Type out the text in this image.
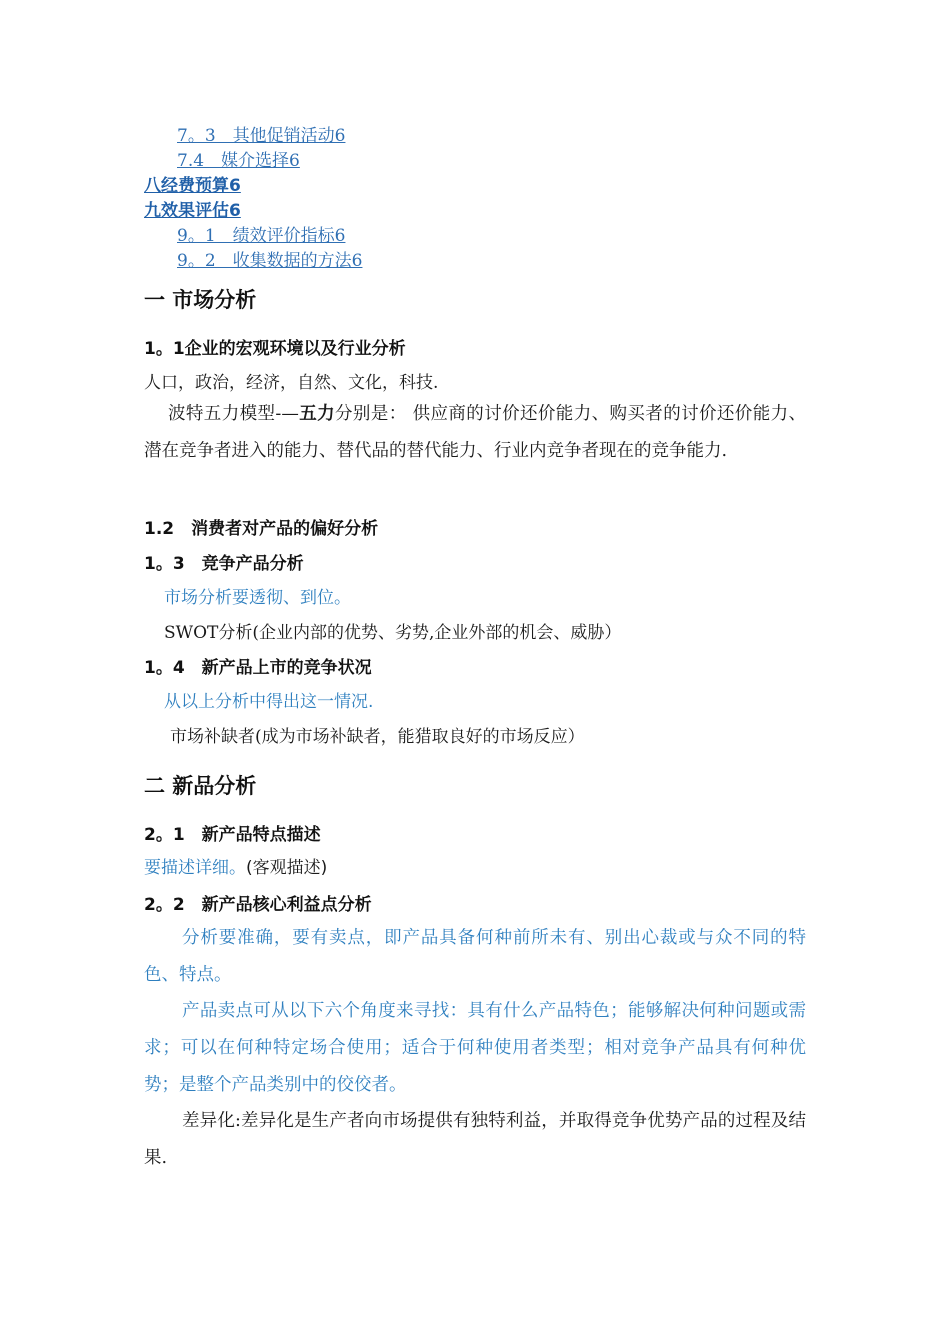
7。3　其他促销活动6
7.4　媒介选择6
八经费预算6
九效果评估6
9。1　绩效评价指标6
9。2　收集数据的方法6
一 市场分析
1。1企业的宏观环境以及行业分析
人口，政治，经济，自然、文化，科技.
波特五力模型-—五力分别是： 供应商的讨价还价能力、购买者的讨价还价能力、潜在竞争者进入的能力、替代品的替代能力、行业内竞争者现在的竞争能力.
1.2　消费者对产品的偏好分析
1。3　竞争产品分析
市场分析要透彻、到位。
SWOT分析(企业内部的优势、劣势,企业外部的机会、威胁）
1。4　新产品上市的竞争状况
从以上分析中得出这一情况.
市场补缺者(成为市场补缺者，能猎取良好的市场反应）
二 新品分析
2。1　新产品特点描述
要描述详细。(客观描述)
2。2　新产品核心利益点分析
分析要准确，要有卖点，即产品具备何种前所未有、别出心裁或与众不同的特色、特点。
产品卖点可从以下六个角度来寻找：具有什么产品特色；能够解决何种问题或需求；可以在何种特定场合使用；适合于何种使用者类型；相对竞争产品具有何种优势；是整个产品类别中的佼佼者。
差异化:差异化是生产者向市场提供有独特利益，并取得竞争优势产品的过程及结果.
